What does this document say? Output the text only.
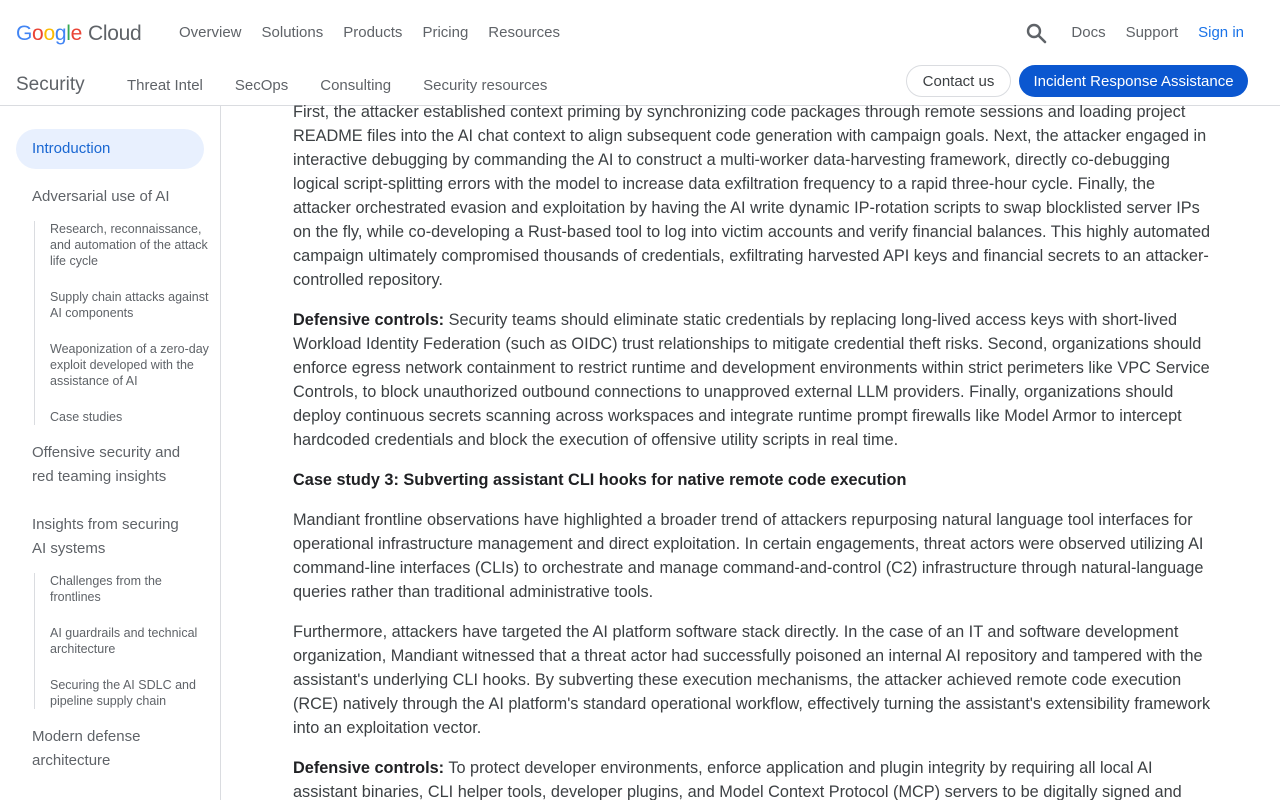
G o o g l e Cloud	Overview	Solutions	Products	Pricing	Resources	Docs Support Sign in
Security	Threat Intel	SecOps	Consulting	Security resources	Contact us	Incident Response Assistance
Introduction
Adversarial use of AI
Research, reconnaissance, and automation of the attack life cycle
Supply chain attacks against AI components
Weaponization of a zero-day exploit developed with the assistance of AI
Case studies
Offensive security and red teaming insights
Insights from securing AI systems
Challenges from the frontlines
AI guardrails and technical architecture
Securing the AI SDLC and pipeline supply chain
Modern defense architecture

First, the attacker established context priming by synchronizing code packages through remote sessions and loading project README files into the AI chat context to align subsequent code generation with campaign goals. Next, the attacker engaged in interactive debugging by commanding the AI to construct a multi-worker data-harvesting framework, directly co-debugging logical script-splitting errors with the model to increase data exfiltration frequency to a rapid three-hour cycle. Finally, the attacker orchestrated evasion and exploitation by having the AI write dynamic IP-rotation scripts to swap blocklisted server IPs on the fly, while co-developing a Rust-based tool to log into victim accounts and verify financial balances. This highly automated campaign ultimately compromised thousands of credentials, exfiltrating harvested API keys and financial secrets to an attacker-controlled repository.

Defensive controls: Security teams should eliminate static credentials by replacing long-lived access keys with short-lived Workload Identity Federation (such as OIDC) trust relationships to mitigate credential theft risks. Second, organizations should enforce egress network containment to restrict runtime and development environments within strict perimeters like VPC Service Controls, to block unauthorized outbound connections to unapproved external LLM providers. Finally, organizations should deploy continuous secrets scanning across workspaces and integrate runtime prompt firewalls like Model Armor to intercept hardcoded credentials and block the execution of offensive utility scripts in real time.

Case study 3: Subverting assistant CLI hooks for native remote code execution

Mandiant frontline observations have highlighted a broader trend of attackers repurposing natural language tool interfaces for operational infrastructure management and direct exploitation. In certain engagements, threat actors were observed utilizing AI command-line interfaces (CLIs) to orchestrate and manage command-and-control (C2) infrastructure through natural-language queries rather than traditional administrative tools.

Furthermore, attackers have targeted the AI platform software stack directly. In the case of an IT and software development organization, Mandiant witnessed that a threat actor had successfully poisoned an internal AI repository and tampered with the assistant's underlying CLI hooks. By subverting these execution mechanisms, the attacker achieved remote code execution (RCE) natively through the AI platform's standard operational workflow, effectively turning the assistant's extensibility framework into an exploitation vector.

Defensive controls: To protect developer environments, enforce application and plugin integrity by requiring all local AI assistant binaries, CLI helper tools, developer plugins, and Model Context Protocol (MCP) servers to be digitally signed and
